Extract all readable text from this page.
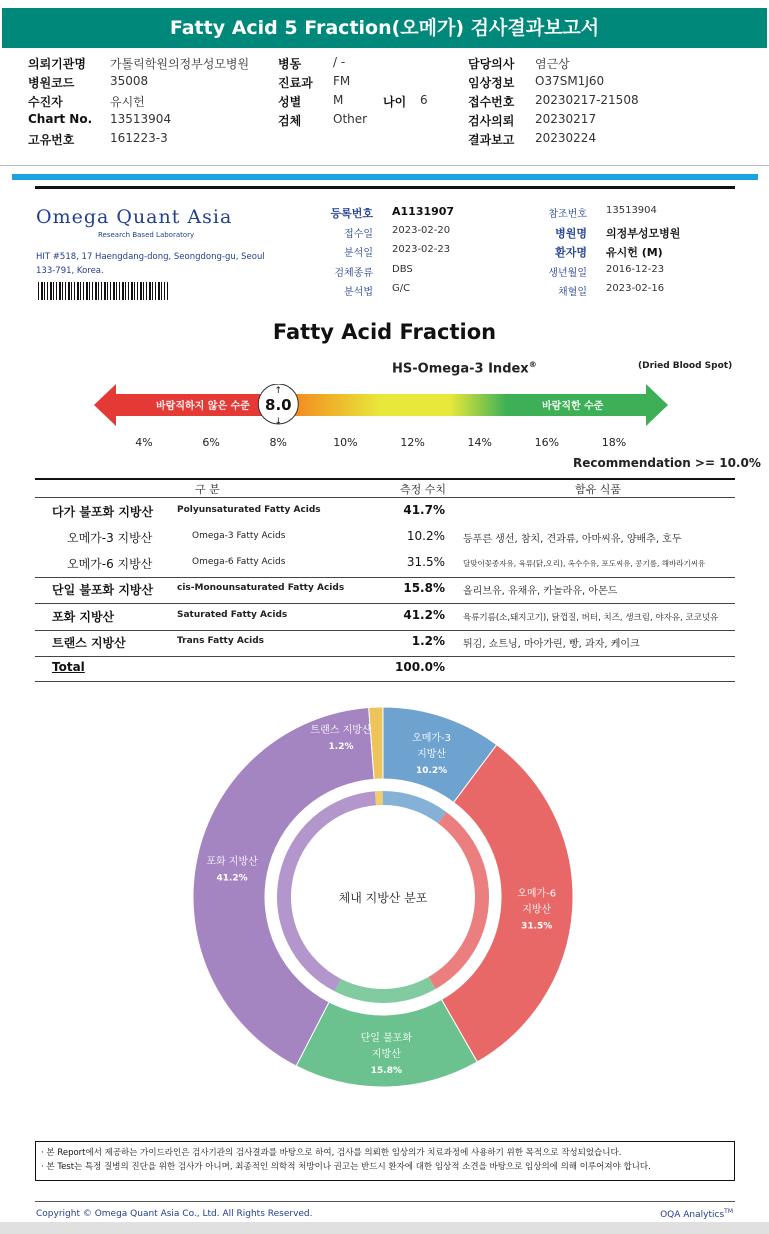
Fatty Acid 5 Fraction(오메가) 검사결과보고서
의뢰기관명 가톨릭학원의정부성모병원 병동	/ -	담당의사 염근상
병원코드	35008	진료과 FM	임상정보 O37SM1J60
수진자	유시헌	성별	M	나이 6	접수번호 20230217-21508
Chart No. 13513904	검체	Other	검사의뢰 20230217
고유번호	161223-3	결과보고 20230224
Omega Quant Asia
Research Based Laboratory
HIT #518, 17 Haengdang-dong, Seongdong-gu, Seoul 133-791, Korea.
등록번호 A1131907
접수일 2023-02-20
분석일 2023-02-23
검체종류 DBS
분석법 G/C
참조번호 13513904
병원명 의정부성모병원
환자명 유시헌 (M)
생년월일 2016-12-23
채혈일 2023-02-16
Fatty Acid Fraction
HS-Omega-3 Index®	(Dried Blood Spot)
바람직하지 않은 수준	바람직한 수준
8.0
↑
↓
4%	6%	8%	10%	12%	14%	16%	18%
Recommendation >= 10.0%
구 분	측정 수치	함유 식품
다가 불포화 지방산	Polyunsaturated Fatty Acids	41.7%
오메가-3 지방산	Omega-3 Fatty Acids	10.2% 등푸른 생선, 참치, 견과류, 아마씨유, 양배추, 호두
오메가-6 지방산	Omega-6 Fatty Acids	31.5% 달맞이꽃종자유, 육류(닭,오리), 옥수수유, 포도씨유, 콩기름, 해바라기씨유
단일 불포화 지방산	cis-Monounsaturated Fatty Acids	15.8% 올리브유, 유채유, 카놀라유, 아몬드
포화 지방산	Saturated Fatty Acids	41.2% 육류기름(소,돼지고기), 닭껍질, 버터, 치즈, 생크림, 야자유, 코코넛유
트랜스 지방산	Trans Fatty Acids	1.2% 튀김, 쇼트닝, 마아가린, 빵, 과자, 케이크
Total	100.0%
오메가-3
지방산
10.2%
오메가-6
지방산
31.5%
단일 불포화
지방산
15.8%
포화 지방산
41.2%
트랜스 지방산
1.2%
체내 지방산 분포
· 본 Report에서 제공하는 가이드라인은 검사기관의 검사결과를 바탕으로 하여, 검사를 의뢰한 임상의가 치료과정에 사용하기 위한 목적으로 작성되었습니다.
· 본 Test는 특정 질병의 진단을 위한 검사가 아니며, 최종적인 의학적 처방이나 권고는 반드시 환자에 대한 임상적 소견을 바탕으로 임상의에 의해 이루어져야 합니다.
Copyright © Omega Quant Asia Co., Ltd. All Rights Reserved.	OQA Analytics™
